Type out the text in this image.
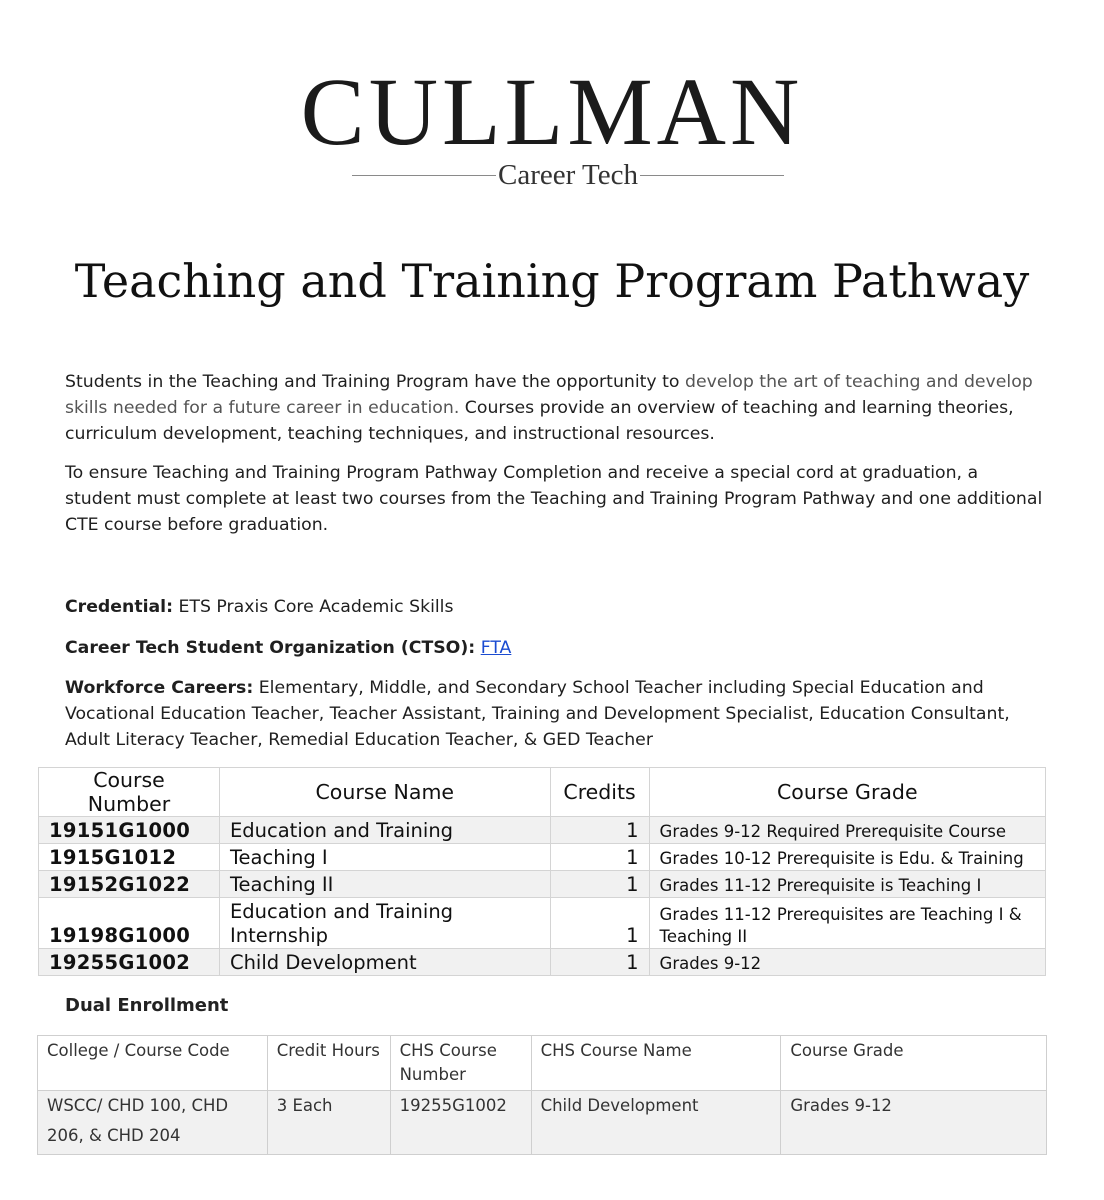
CULLMAN
Career Tech
Teaching and Training Program Pathway

Students in the Teaching and Training Program have the opportunity to develop the art of teaching and develop skills needed for a future career in education. Courses provide an overview of teaching and learning theories, curriculum development, teaching techniques, and instructional resources.

To ensure Teaching and Training Program Pathway Completion and receive a special cord at graduation, a student must complete at least two courses from the Teaching and Training Program Pathway and one additional CTE course before graduation.

Credential: ETS Praxis Core Academic Skills

Career Tech Student Organization (CTSO): FTA

Workforce Careers: Elementary, Middle, and Secondary School Teacher including Special Education and Vocational Education Teacher, Teacher Assistant, Training and Development Specialist, Education Consultant, Adult Literacy Teacher, Remedial Education Teacher, & GED Teacher

Course Number	Course Name	Credits	Course Grade
19151G1000	Education and Training	1	Grades 9-12 Required Prerequisite Course
1915G1012	Teaching I	1	Grades 10-12 Prerequisite is Edu. & Training
19152G1022	Teaching II	1	Grades 11-12 Prerequisite is Teaching I
19198G1000	Education and Training Internship	1	Grades 11-12 Prerequisites are Teaching I & Teaching II
19255G1002	Child Development	1	Grades 9-12
Dual Enrollment
College / Course Code	Credit Hours	CHS Course Number	CHS Course Name	Course Grade
WSCC/ CHD 100, CHD 206, & CHD 204	3 Each	19255G1002	Child Development	Grades 9-12
